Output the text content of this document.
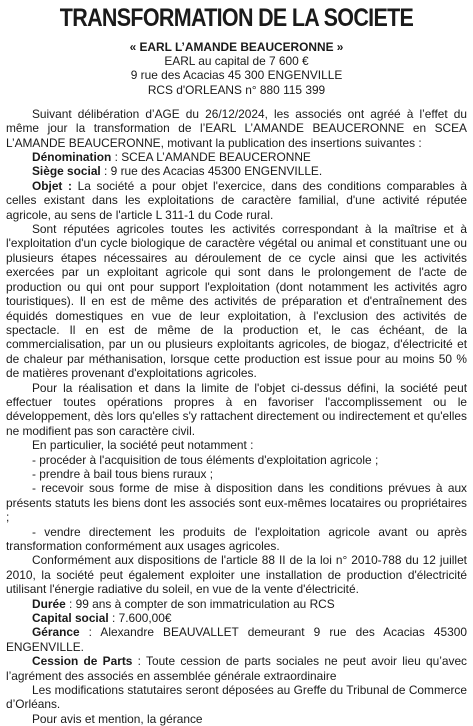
TRANSFORMATION DE LA SOCIETE
« EARL L’AMANDE BEAUCERONNE »
EARL au capital de 7 600 €
9 rue des Acacias 45 300 ENGENVILLE
RCS d'ORLEANS n° 880 115 399

Suivant délibération d’AGE du 26/12/2024, les associés ont agréé à l’effet du même jour la transformation de l’EARL L’AMANDE BEAUCERONNE en SCEA L’AMANDE BEAUCERONNE, motivant la publication des insertions suivantes :

Dénomination : SCEA L’AMANDE BEAUCERONNE

Siège social : 9 rue des Acacias 45300 ENGENVILLE.

Objet : La société a pour objet l'exercice, dans des conditions comparables à celles existant dans les exploitations de caractère familial, d'une activité réputée agricole, au sens de l'article L 311-1 du Code rural.

Sont réputées agricoles toutes les activités correspondant à la maîtrise et à l'exploitation d'un cycle biologique de caractère végétal ou animal et constituant une ou plusieurs étapes nécessaires au déroulement de ce cycle ainsi que les activités exercées par un exploitant agricole qui sont dans le prolongement de l'acte de production ou qui ont pour support l'exploitation (dont notamment les activités agro touristiques). Il en est de même des activités de préparation et d'entraînement des équidés domestiques en vue de leur exploitation, à l'exclusion des activités de spectacle. Il en est de même de la production et, le cas échéant, de la commercialisation, par un ou plusieurs exploitants agricoles, de biogaz, d'électricité et de chaleur par méthanisation, lorsque cette production est issue pour au moins 50 % de matières provenant d'exploitations agricoles.

Pour la réalisation et dans la limite de l'objet ci-dessus défini, la société peut effectuer toutes opérations propres à en favoriser l'accomplissement ou le développement, dès lors qu'elles s'y rattachent directement ou indirectement et qu'elles ne modifient pas son caractère civil.

En particulier, la société peut notamment :

- procéder à l'acquisition de tous éléments d'exploitation agricole ;

- prendre à bail tous biens ruraux ;

- recevoir sous forme de mise à disposition dans les conditions prévues à aux présents statuts les biens dont les associés sont eux-mêmes locataires ou propriétaires ;

- vendre directement les produits de l'exploitation agricole avant ou après transformation conformément aux usages agricoles.

Conformément aux dispositions de l'article 88 II de la loi n° 2010-788 du 12 juillet 2010, la société peut également exploiter une installation de production d'électricité utilisant l'énergie radiative du soleil, en vue de la vente d'électricité.

Durée : 99 ans à compter de son immatriculation au RCS

Capital social : 7.600,00€

Gérance : Alexandre BEAUVALLET demeurant 9 rue des Acacias 45300 ENGENVILLE.

Cession de Parts : Toute cession de parts sociales ne peut avoir lieu qu’avec l’agrément des associés en assemblée générale extraordinaire

Les modifications statutaires seront déposées au Greffe du Tribunal de Commerce d’Orléans.

Pour avis et mention, la gérance
